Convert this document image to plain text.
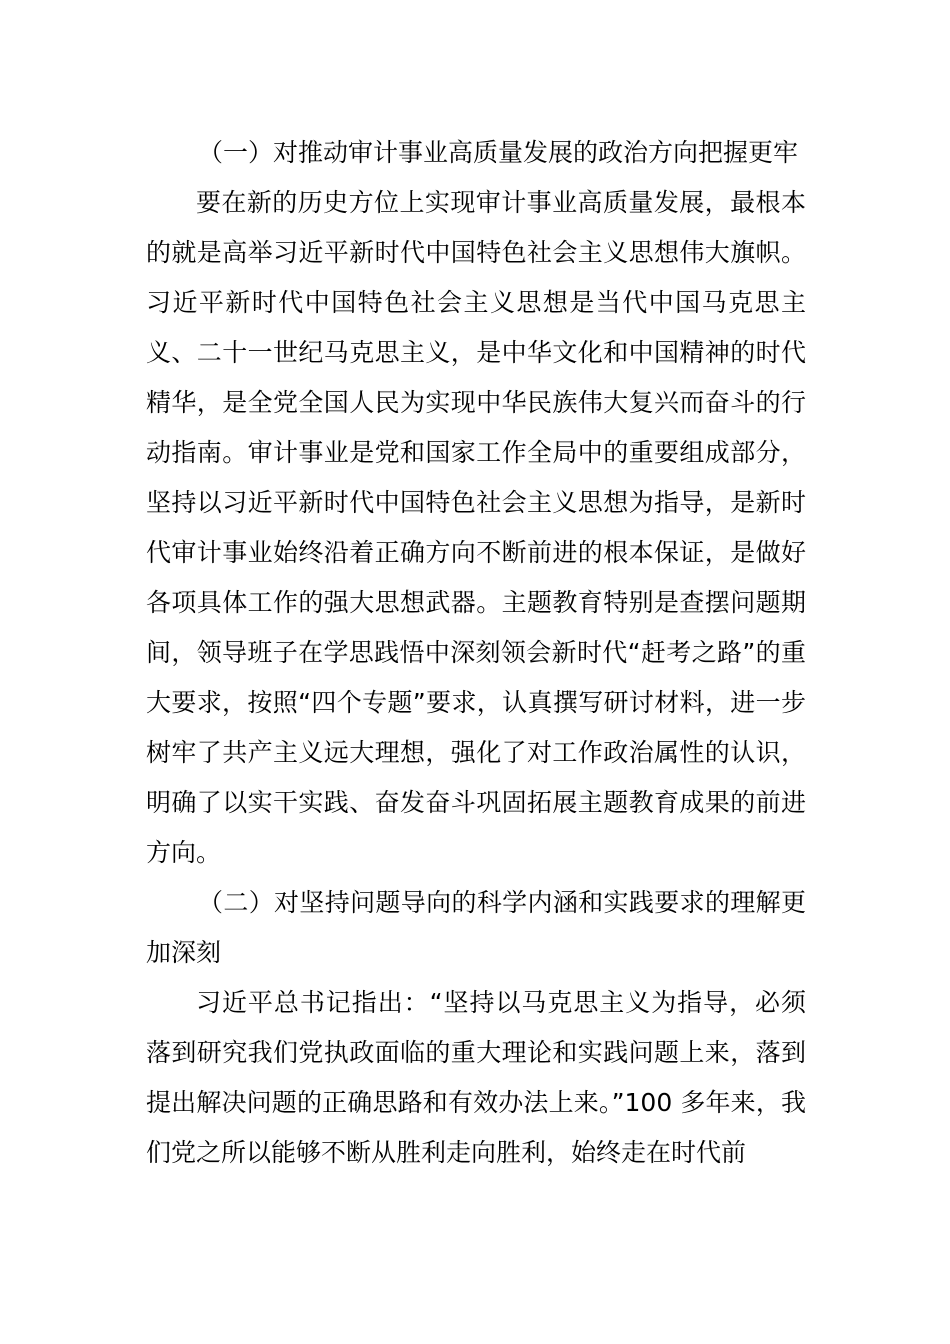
（一）对推动审计事业高质量发展的政治方向把握更牢

要在新的历史方位上实现审计事业高质量发展，最根本的就是高举习近平新时代中国特色社会主义思想伟大旗帜。习近平新时代中国特色社会主义思想是当代中国马克思主义、二十一世纪马克思主义，是中华文化和中国精神的时代精华，是全党全国人民为实现中华民族伟大复兴而奋斗的行动指南。审计事业是党和国家工作全局中的重要组成部分，坚持以习近平新时代中国特色社会主义思想为指导，是新时代审计事业始终沿着正确方向不断前进的根本保证，是做好各项具体工作的强大思想武器。主题教育特别是查摆问题期间，领导班子在学思践悟中深刻领会新时代“赶考之路”的重大要求，按照“四个专题”要求，认真撰写研讨材料，进一步树牢了共产主义远大理想，强化了对工作政治属性的认识，明确了以实干实践、奋发奋斗巩固拓展主题教育成果的前进方向。

（二）对坚持问题导向的科学内涵和实践要求的理解更加深刻

习近平总书记指出：“坚持以马克思主义为指导，必须落到研究我们党执政面临的重大理论和实践问题上来，落到提出解决问题的正确思路和有效办法上来。”100 多年来，我们党之所以能够不断从胜利走向胜利，始终走在时代前
